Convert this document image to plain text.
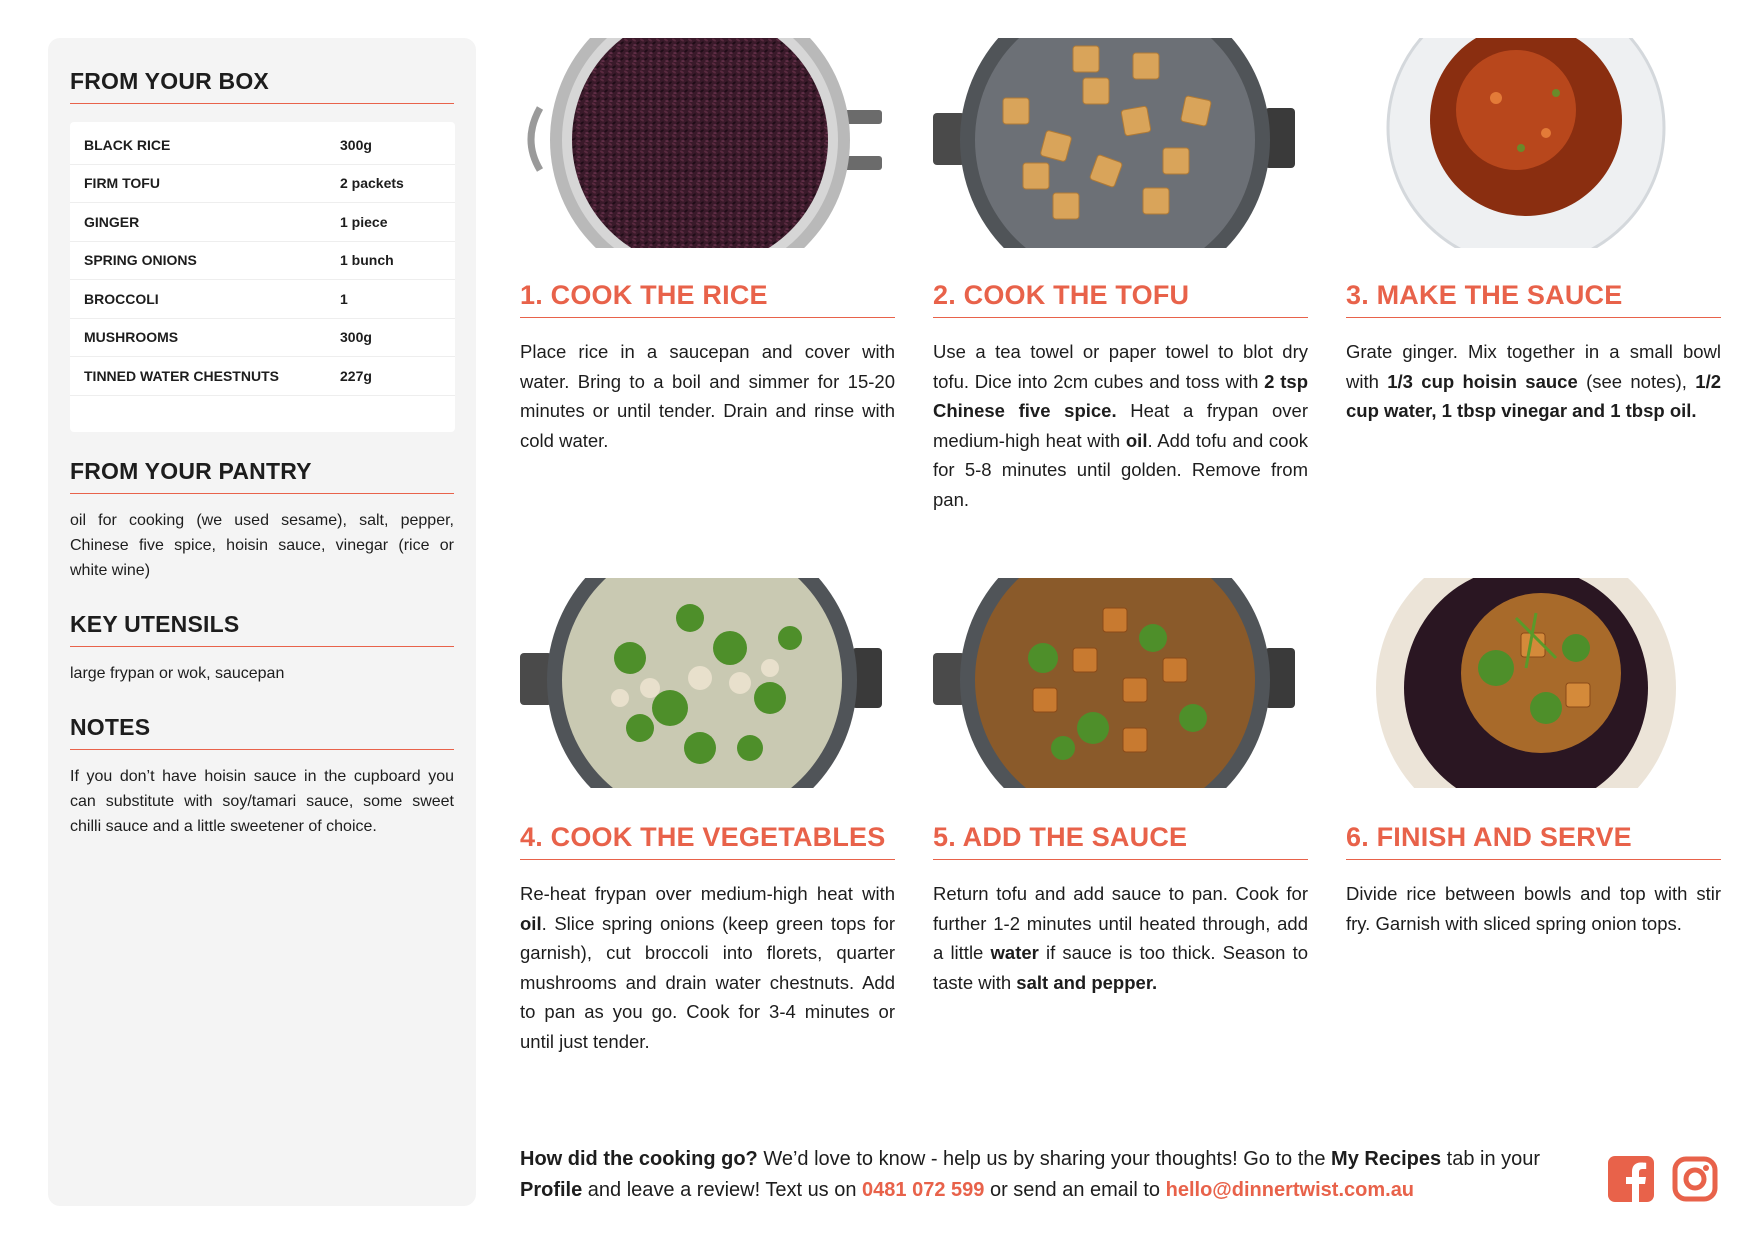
FROM YOUR BOX
BLACK RICE	300g
FIRM TOFU	2 packets
GINGER	1 piece
SPRING ONIONS	1 bunch
BROCCOLI	1
MUSHROOMS	300g
TINNED WATER CHESTNUTS	227g
FROM YOUR PANTRY

oil for cooking (we used sesame), salt, pepper, Chinese five spice, hoisin sauce, vinegar (rice or white wine)

KEY UTENSILS

large frypan or wok, saucepan

NOTES

If you don’t have hoisin sauce in the cupboard you can substitute with soy/tamari sauce, some sweet chilli sauce and a little sweetener of choice.

1. COOK THE RICE
Place rice in a saucepan and cover with water. Bring to a boil and simmer for 15-20 minutes or until tender. Drain and rinse with cold water.
2. COOK THE TOFU
Use a tea towel or paper towel to blot dry tofu. Dice into 2cm cubes and toss with 2 tsp Chinese five spice. Heat a frypan over medium-high heat with oil. Add tofu and cook for 5-8 minutes until golden. Remove from pan.
3. MAKE THE SAUCE
Grate ginger. Mix together in a small bowl with 1/3 cup hoisin sauce (see notes), 1/2 cup water, 1 tbsp vinegar and 1 tbsp oil.
4. COOK THE VEGETABLES
Re-heat frypan over medium-high heat with oil. Slice spring onions (keep green tops for garnish), cut broccoli into florets, quarter mushrooms and drain water chestnuts. Add to pan as you go. Cook for 3-4 minutes or until just tender.
5. ADD THE SAUCE
Return tofu and add sauce to pan. Cook for further 1-2 minutes until heated through, add a little water if sauce is too thick. Season to taste with salt and pepper.
6. FINISH AND SERVE
Divide rice between bowls and top with stir fry. Garnish with sliced spring onion tops.
How did the cooking go? We’d love to know - help us by sharing your thoughts! Go to the My Recipes tab in your Profile and leave a review! Text us on 0481 072 599 or send an email to hello@dinnertwist.com.au
